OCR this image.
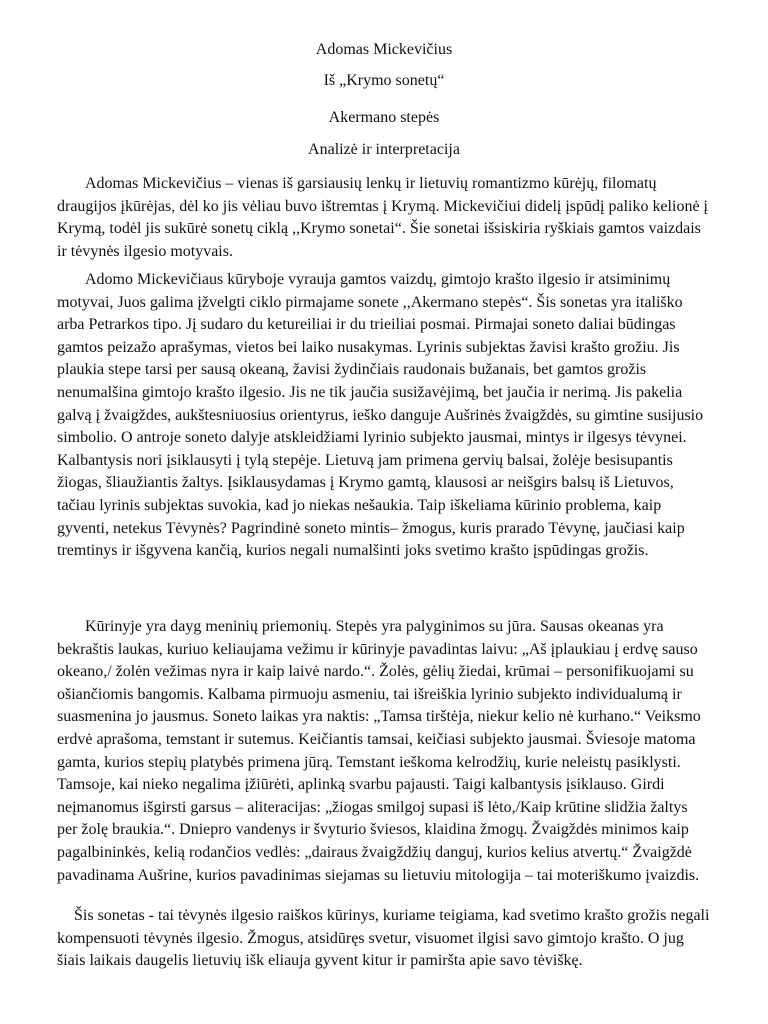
Adomas Mickevičius

Iš „Krymo sonetų“

Akermano stepės

Analizė ir interpretacija

Adomas Mickevičius – vienas iš garsiausių lenkų ir lietuvių romantizmo kūrėjų, filomatų draugijos įkūrėjas, dėl ko jis vėliau buvo ištremtas į Krymą. Mickevičiui didelį įspūdį paliko kelionė į Krymą, todėl jis sukūrė sonetų ciklą ,,Krymo sonetai“. Šie sonetai išsiskiria ryškiais gamtos vaizdais ir tėvynės ilgesio motyvais.

Adomo Mickevičiaus kūryboje vyrauja gamtos vaizdų, gimtojo krašto ilgesio ir atsiminimų motyvai, Juos galima įžvelgti ciklo pirmajame sonete ,,Akermano stepės“. Šis sonetas yra itališko arba Petrarkos tipo. Jį sudaro du ketureiliai ir du trieiliai posmai. Pirmajai soneto daliai būdingas gamtos peizažo aprašymas, vietos bei laiko nusakymas. Lyrinis subjektas žavisi krašto grožiu. Jis plaukia stepe tarsi per sausą okeaną, žavisi žydinčiais raudonais bužanais, bet gamtos grožis nenumalšina gimtojo krašto ilgesio. Jis ne tik jaučia susižavėjimą, bet jaučia ir nerimą. Jis pakelia galvą į žvaigždes, aukštesniuosius orientyrus, ieško danguje Aušrinės žvaigždės, su gimtine susijusio simbolio. O antroje soneto dalyje atskleidžiami lyrinio subjekto jausmai, mintys ir ilgesys tėvynei. Kalbantysis nori įsiklausyti į tylą stepėje. Lietuvą jam primena gervių balsai, žolėje besisupantis žiogas, šliaužiantis žaltys. Įsiklausydamas į Krymo gamtą, klausosi ar neišgirs balsų iš Lietuvos, tačiau lyrinis subjektas suvokia, kad jo niekas nešaukia. Taip iškeliama kūrinio problema, kaip gyventi, netekus Tėvynės? Pagrindinė soneto mintis– žmogus, kuris prarado Tėvynę, jaučiasi kaip tremtinys ir išgyvena kančią, kurios negali numalšinti joks svetimo krašto įspūdingas grožis.

Kūrinyje yra dayg meninių priemonių. Stepės yra palyginimos su jūra. Sausas okeanas yra bekraštis laukas, kuriuo keliaujama vežimu ir kūrinyje pavadintas laivu: „Aš įplaukiau į erdvę sauso okeano,/ žolėn vežimas nyra ir kaip laivė nardo.“. Žolės, gėlių žiedai, krūmai – personifikuojami su ošiančiomis bangomis. Kalbama pirmuoju asmeniu, tai išreiškia lyrinio subjekto individualumą ir suasmenina jo jausmus. Soneto laikas yra naktis: „Tamsa tirštėja, niekur kelio nė kurhano.“ Veiksmo erdvė aprašoma, temstant ir sutemus. Keičiantis tamsai, keičiasi subjekto jausmai. Šviesoje matoma gamta, kurios stepių platybės primena jūrą. Temstant ieškoma kelrodžių, kurie neleistų pasiklysti. Tamsoje, kai nieko negalima įžiūrėti, aplinką svarbu pajausti. Taigi kalbantysis įsiklauso. Girdi neįmanomus išgirsti garsus – aliteracijas: „žiogas smilgoj supasi iš lėto,/Kaip krūtine slidžia žaltys per žolę braukia.“. Dniepro vandenys ir švyturio šviesos, klaidina žmogų. Žvaigždės minimos kaip pagalbininkės, kelią rodančios vedlės: „dairaus žvaigždžių danguj, kurios kelius atvertų.“ Žvaigždė pavadinama Aušrine, kurios pavadinimas siejamas su lietuviu mitologija – tai moteriškumo įvaizdis.

Šis sonetas - tai tėvynės ilgesio raiškos kūrinys, kuriame teigiama, kad svetimo krašto grožis negali kompensuoti tėvynės ilgesio. Žmogus, atsidūręs svetur, visuomet ilgisi savo gimtojo krašto. O jug šiais laikais daugelis lietuvių išk eliauja gyvent kitur ir pamiršta apie savo tėviškę.
